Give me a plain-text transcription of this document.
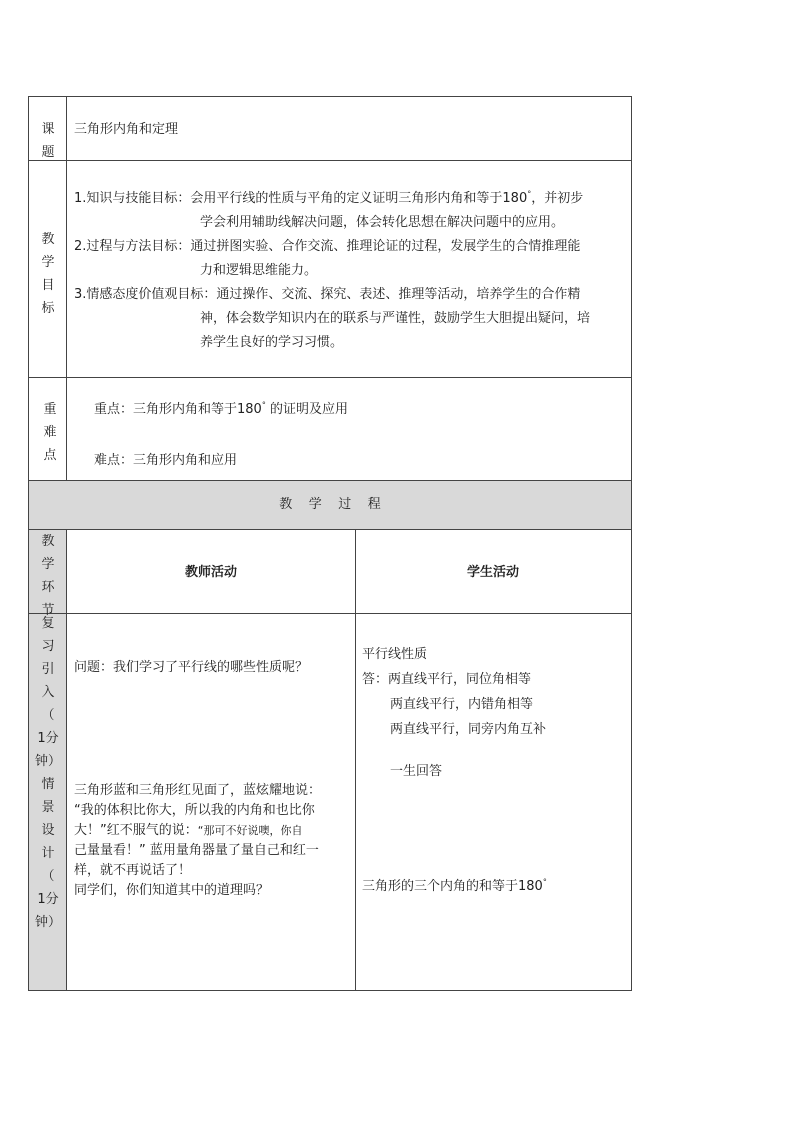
课
题
三角形内角和定理
教
学
目
标
1.知识与技能目标：会用平行线的性质与平角的定义证明三角形内角和等于180°，并初步
学会利用辅助线解决问题，体会转化思想在解决问题中的应用。
2.过程与方法目标：通过拼图实验、合作交流、推理论证的过程，发展学生的合情推理能
力和逻辑思维能力。
3.情感态度价值观目标：通过操作、交流、探究、表述、推理等活动，培养学生的合作精
神，体会数学知识内在的联系与严谨性，鼓励学生大胆提出疑问，培
养学生良好的学习习惯。
重
难
点
重点：三角形内角和等于180° 的证明及应用
难点：三角形内角和应用
教    学    过    程
教
学
环
节
教师活动	学生活动
复
习
引
入
（
1分
钟）
情
景
设
计
（
1分
钟）
问题：我们学习了平行线的哪些性质呢？
三角形蓝和三角形红见面了，蓝炫耀地说：
“我的体积比你大，所以我的内角和也比你
大！”红不服气的说：“那可不好说噢，你自
己量量看！” 蓝用量角器量了量自己和红一
样，就不再说话了！
同学们，你们知道其中的道理吗？
平行线性质
答：两直线平行，同位角相等
两直线平行，内错角相等
两直线平行，同旁内角互补
一生回答
三角形的三个内角的和等于180°
